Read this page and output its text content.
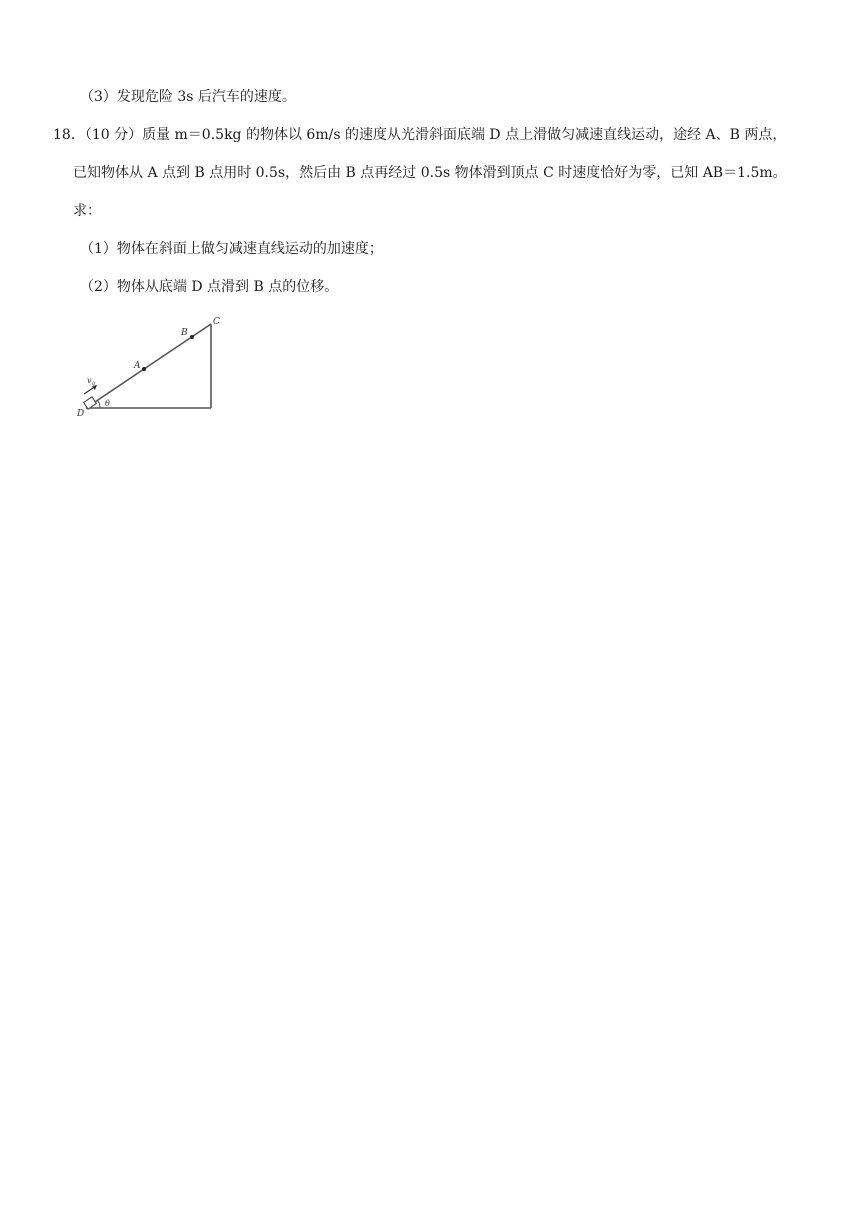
（3）发现危险 3s 后汽车的速度。
18．（10 分）质量 m＝0.5kg 的物体以 6m/s 的速度从光滑斜面底端 D 点上滑做匀减速直线运动，途经 A、B 两点，
已知物体从 A 点到 B 点用时 0.5s，然后由 B 点再经过 0.5s 物体滑到顶点 C 时速度恰好为零，已知 AB＝1.5m。
求：
（1）物体在斜面上做匀减速直线运动的加速度；
（2）物体从底端 D 点滑到 B 点的位移。
C
B
A
D
θ
v 0
